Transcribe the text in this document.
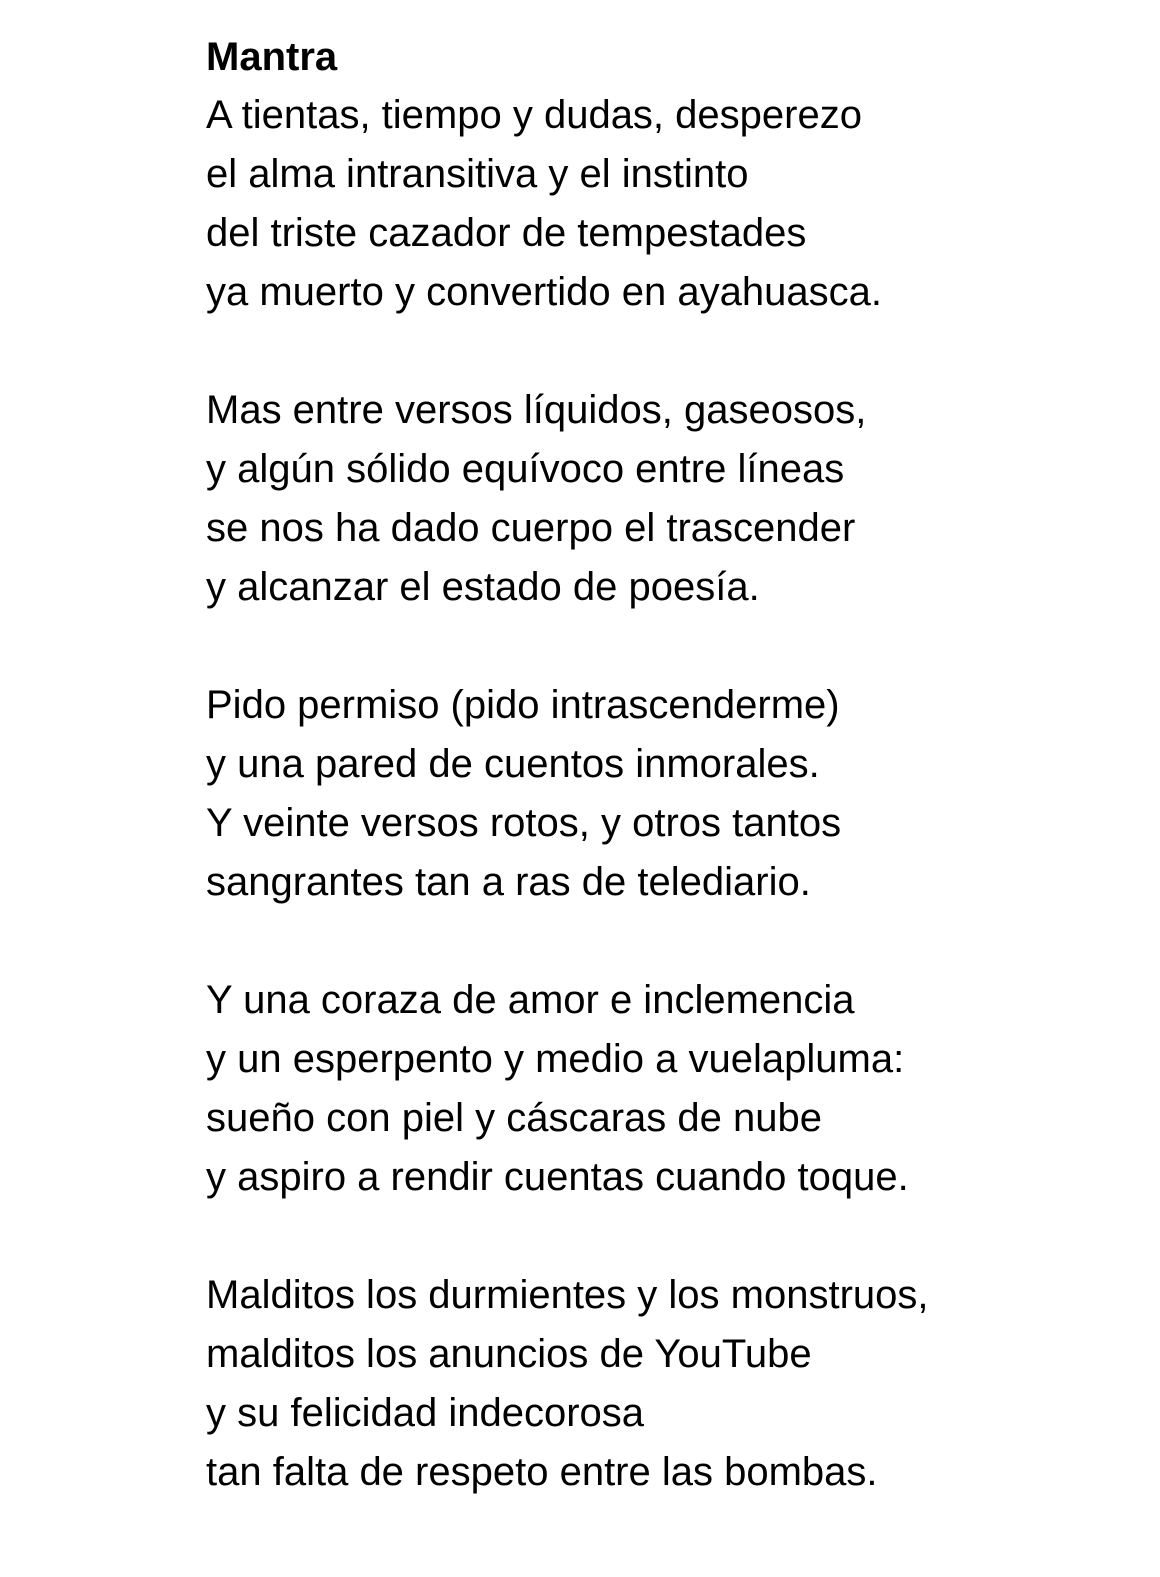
Mantra
A tientas, tiempo y dudas, desperezo
el alma intransitiva y el instinto
del triste cazador de tempestades
ya muerto y convertido en ayahuasca.
Mas entre versos líquidos, gaseosos,
y algún sólido equívoco entre líneas
se nos ha dado cuerpo el trascender
y alcanzar el estado de poesía.
Pido permiso (pido intrascenderme)
y una pared de cuentos inmorales.
Y veinte versos rotos, y otros tantos
sangrantes tan a ras de telediario.
Y una coraza de amor e inclemencia
y un esperpento y medio a vuelapluma:
sueño con piel y cáscaras de nube
y aspiro a rendir cuentas cuando toque.
Malditos los durmientes y los monstruos,
malditos los anuncios de YouTube
y su felicidad indecorosa
tan falta de respeto entre las bombas.
